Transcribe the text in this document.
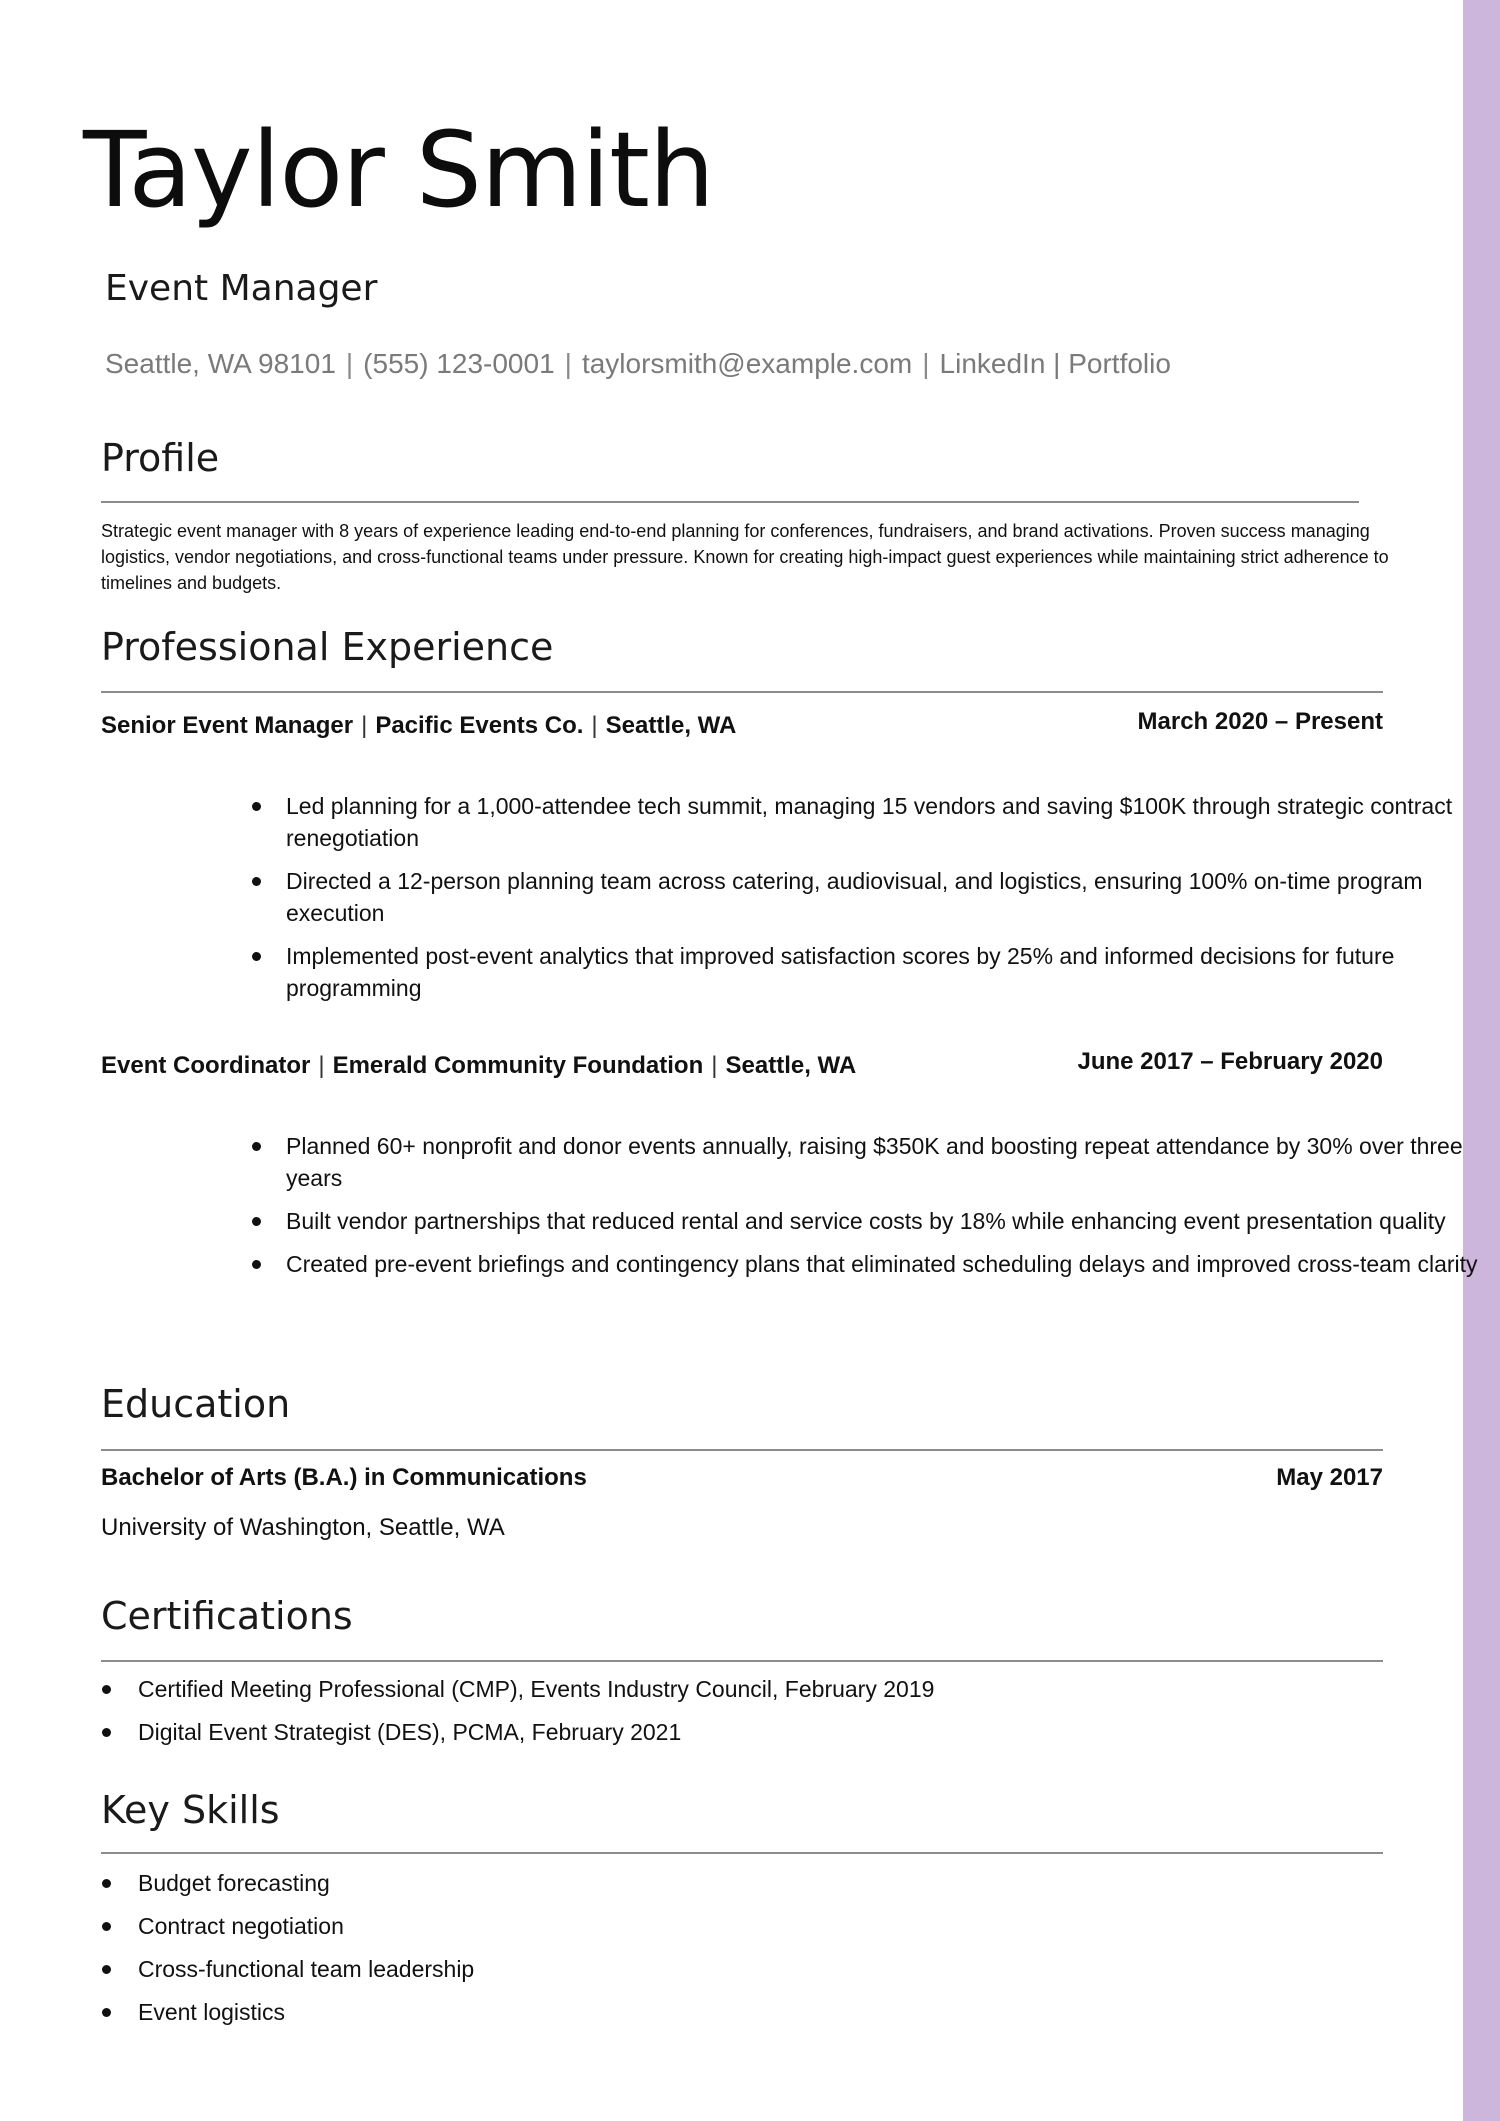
Taylor Smith
Event Manager

Seattle, WA 98101 | (555) 123-0001 | taylorsmith@example.com | LinkedIn | Portfolio

Profile

Strategic event manager with 8 years of experience leading end-to-end planning for conferences, fundraisers, and brand activations. Proven success managing logistics, vendor negotiations, and cross-functional teams under pressure. Known for creating high-impact guest experiences while maintaining strict adherence to timelines and budgets.

Professional Experience
Senior Event Manager | Pacific Events Co. | Seattle, WA	March 2020 – Present
Led planning for a 1,000-attendee tech summit, managing 15 vendors and saving $100K through strategic contract renegotiation
Directed a 12-person planning team across catering, audiovisual, and logistics, ensuring 100% on-time program execution
Implemented post-event analytics that improved satisfaction scores by 25% and informed decisions for future programming
Event Coordinator | Emerald Community Foundation | Seattle, WA	June 2017 – February 2020
Planned 60+ nonprofit and donor events annually, raising $350K and boosting repeat attendance by 30% over three years
Built vendor partnerships that reduced rental and service costs by 18% while enhancing event presentation quality
Created pre-event briefings and contingency plans that eliminated scheduling delays and improved cross-team clarity
Education
Bachelor of Arts (B.A.) in Communications	May 2017

University of Washington, Seattle, WA

Certifications
Certified Meeting Professional (CMP), Events Industry Council, February 2019
Digital Event Strategist (DES), PCMA, February 2021
Key Skills
Budget forecasting
Contract negotiation
Cross-functional team leadership
Event logistics
